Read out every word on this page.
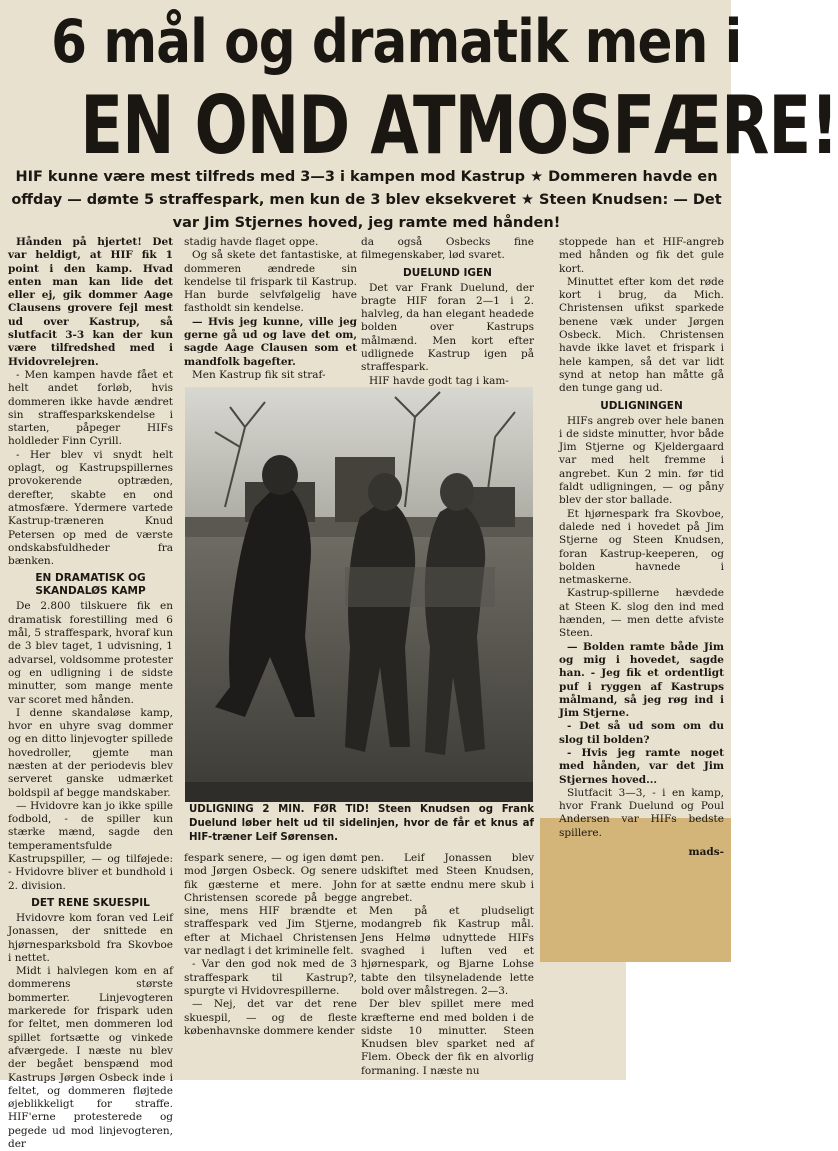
6 mål og dramatik men i
EN OND ATMOSFÆRE!
HIF kunne være mest tilfreds med 3—3 i kampen mod Kastrup ★ Dommeren havde en offday — dømte 5 straffespark, men kun de 3 blev eksekveret ★ Steen Knudsen: — Det var Jim Stjernes hoved, jeg ramte med hånden!

Hånden på hjertet! Det var heldigt, at HIF fik 1 point i den kamp. Hvad enten man kan lide det eller ej, gik dommer Aage Clausens grovere fejl mest ud over Kastrup, så slutfacit 3-3 kan der kun være tilfredshed med i Hvidovrelejren.

- Men kampen havde fået et helt andet forløb, hvis dommeren ikke havde ændret sin straffesparkskendelse i starten, påpeger HIFs holdleder Finn Cyrill.

- Her blev vi snydt helt oplagt, og Kastrupspillernes provokerende optræden, derefter, skabte en ond atmosfære. Ydermere vartede Kastrup-træneren Knud Petersen op med de værste ondskabsfuldheder fra bænken.

EN DRAMATISK OG SKANDALØS KAMP

De 2.800 tilskuere fik en dramatisk forestilling med 6 mål, 5 straffespark, hvoraf kun de 3 blev taget, 1 udvisning, 1 advarsel, voldsomme protester og en udligning i de sidste minutter, som mange mente var scoret med hånden.

I denne skandaløse kamp, hvor en uhyre svag dommer og en ditto linjevogter spillede hovedroller, gjemte man næsten at der periodevis blev serveret ganske udmærket boldspil af begge mandskaber.

— Hvidovre kan jo ikke spille fodbold, - de spiller kun stærke mænd, sagde den temperamentsfulde Kastrupspiller, — og tilføjede: - Hvidovre bliver et bundhold i 2. division.

DET RENE SKUESPIL

Hvidovre kom foran ved Leif Jonassen, der snittede en hjørnesparksbold fra Skovboe i nettet.

Midt i halvlegen kom en af dommerens største bommerter. Linjevogteren markerede for frispark uden for feltet, men dommeren lod spillet fortsætte og vinkede afværgede. I næste nu blev der begået benspænd mod Kastrups Jørgen Osbeck inde i feltet, og dommeren fløjtede øjeblikkeligt for straffe. HIF'erne protesterede og pegede ud mod linjevogteren, der

stadig havde flaget oppe.

Og så skete det fantastiske, at dommeren ændrede sin kendelse til frispark til Kastrup. Han burde selvfølgelig have fastholdt sin kendelse.

— Hvis jeg kunne, ville jeg gerne gå ud og lave det om, sagde Aage Clausen som et mandfolk bagefter.

Men Kastrup fik sit straf-

da også Osbecks fine filmegenskaber, lød svaret.

DUELUND IGEN

Det var Frank Duelund, der bragte HIF foran 2—1 i 2. halvleg, da han elegant headede bolden over Kastrups målmænd. Men kort efter udlignede Kastrup igen på straffespark.

HIF havde godt tag i kam-

stoppede han et HIF-angreb med hånden og fik det gule kort.

Minuttet efter kom det røde kort i brug, da Mich. Christensen ufikst sparkede benene væk under Jørgen Osbeck. Mich. Christensen havde ikke lavet et frispark i hele kampen, så det var lidt synd at netop han måtte gå den tunge gang ud.

UDLIGNINGEN

HIFs angreb over hele banen i de sidste minutter, hvor både Jim Stjerne og Kjeldergaard var med helt fremme i angrebet. Kun 2 min. før tid faldt udligningen, — og påny blev der stor ballade.

Et hjørnespark fra Skovboe, dalede ned i hovedet på Jim Stjerne og Steen Knudsen, foran Kastrup-keeperen, og bolden havnede i netmaskerne.

Kastrup-spillerne hævdede at Steen K. slog den ind med hænden, — men dette afviste Steen.

— Bolden ramte både Jim og mig i hovedet, sagde han. - Jeg fik et ordentligt puf i ryggen af Kastrups målmand, så jeg røg ind i Jim Stjerne.

- Det så ud som om du slog til bolden?

- Hvis jeg ramte noget med hånden, var det Jim Stjernes hoved...

Slutfacit 3—3, - i en kamp, hvor Frank Duelund og Poul Andersen var HIFs bedste spillere.

mads-

UDLIGNING 2 MIN. FØR TID! Steen Knudsen og Frank Duelund løber helt ud til sidelinjen, hvor de får et knus af HIF-træner Leif Sørensen.

fespark senere, — og igen dømt mod Jørgen Osbeck. Og senere fik gæsterne et mere. John Christensen scorede på begge sine, mens HIF brændte et straffespark ved Jim Stjerne, efter at Michael Christensen var nedlagt i det kriminelle felt.

- Var den god nok med de 3 straffespark til Kastrup?, spurgte vi Hvidovrespillerne.

— Nej, det var det rene skuespil, — og de fleste københavnske dommere kender

pen. Leif Jonassen blev udskiftet med Steen Knudsen, for at sætte endnu mere skub i angrebet.

Men på et pludseligt modangreb fik Kastrup mål. Jens Helmø udnyttede HIFs svaghed i luften ved et hjørnespark, og Bjarne Lohse tabte den tilsyneladende lette bold over målstregen. 2—3.

Der blev spillet mere med kræfterne end med bolden i de sidste 10 minutter. Steen Knudsen blev sparket ned af Flem. Obeck der fik en alvorlig formaning. I næste nu
